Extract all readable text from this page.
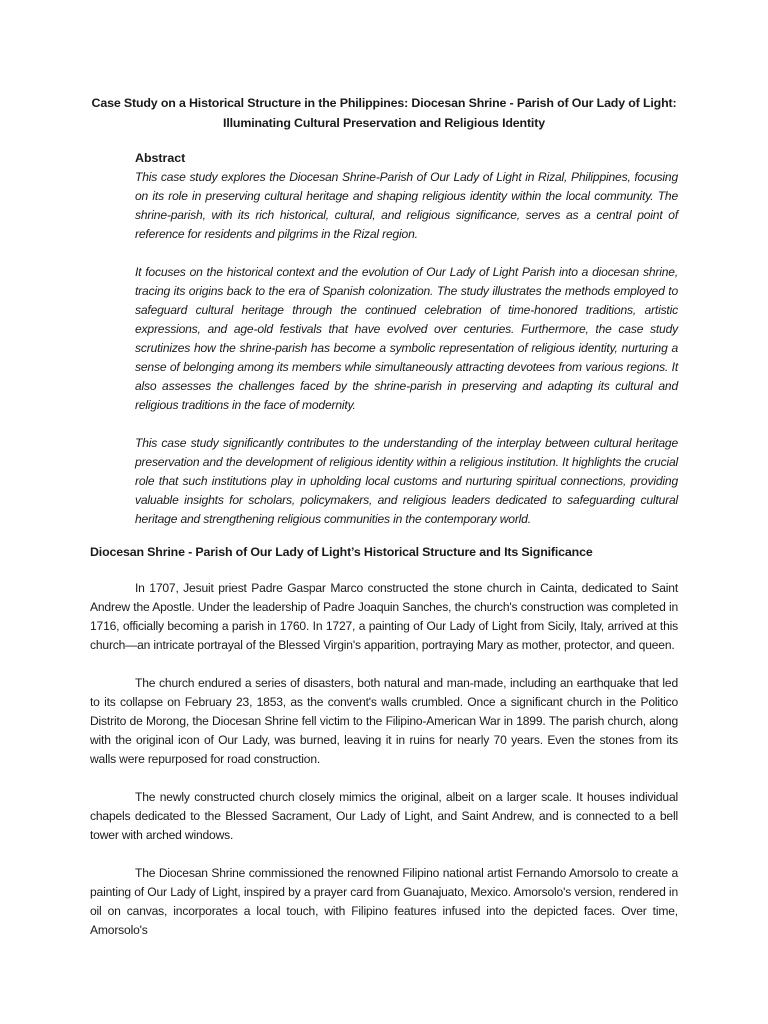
Case Study on a Historical Structure in the Philippines: Diocesan Shrine - Parish of Our Lady of Light: Illuminating Cultural Preservation and Religious Identity
Abstract

This case study explores the Diocesan Shrine-Parish of Our Lady of Light in Rizal, Philippines, focusing on its role in preserving cultural heritage and shaping religious identity within the local community. The shrine-parish, with its rich historical, cultural, and religious significance, serves as a central point of reference for residents and pilgrims in the Rizal region.

It focuses on the historical context and the evolution of Our Lady of Light Parish into a diocesan shrine, tracing its origins back to the era of Spanish colonization. The study illustrates the methods employed to safeguard cultural heritage through the continued celebration of time-honored traditions, artistic expressions, and age-old festivals that have evolved over centuries. Furthermore, the case study scrutinizes how the shrine-parish has become a symbolic representation of religious identity, nurturing a sense of belonging among its members while simultaneously attracting devotees from various regions. It also assesses the challenges faced by the shrine-parish in preserving and adapting its cultural and religious traditions in the face of modernity.

This case study significantly contributes to the understanding of the interplay between cultural heritage preservation and the development of religious identity within a religious institution. It highlights the crucial role that such institutions play in upholding local customs and nurturing spiritual connections, providing valuable insights for scholars, policymakers, and religious leaders dedicated to safeguarding cultural heritage and strengthening religious communities in the contemporary world.

Diocesan Shrine - Parish of Our Lady of Light’s Historical Structure and Its Significance

In 1707, Jesuit priest Padre Gaspar Marco constructed the stone church in Cainta, dedicated to Saint Andrew the Apostle. Under the leadership of Padre Joaquin Sanches, the church's construction was completed in 1716, officially becoming a parish in 1760. In 1727, a painting of Our Lady of Light from Sicily, Italy, arrived at this church—an intricate portrayal of the Blessed Virgin's apparition, portraying Mary as mother, protector, and queen.

The church endured a series of disasters, both natural and man-made, including an earthquake that led to its collapse on February 23, 1853, as the convent's walls crumbled. Once a significant church in the Politico Distrito de Morong, the Diocesan Shrine fell victim to the Filipino-American War in 1899. The parish church, along with the original icon of Our Lady, was burned, leaving it in ruins for nearly 70 years. Even the stones from its walls were repurposed for road construction.

The newly constructed church closely mimics the original, albeit on a larger scale. It houses individual chapels dedicated to the Blessed Sacrament, Our Lady of Light, and Saint Andrew, and is connected to a bell tower with arched windows.

The Diocesan Shrine commissioned the renowned Filipino national artist Fernando Amorsolo to create a painting of Our Lady of Light, inspired by a prayer card from Guanajuato, Mexico. Amorsolo's version, rendered in oil on canvas, incorporates a local touch, with Filipino features infused into the depicted faces. Over time, Amorsolo's
